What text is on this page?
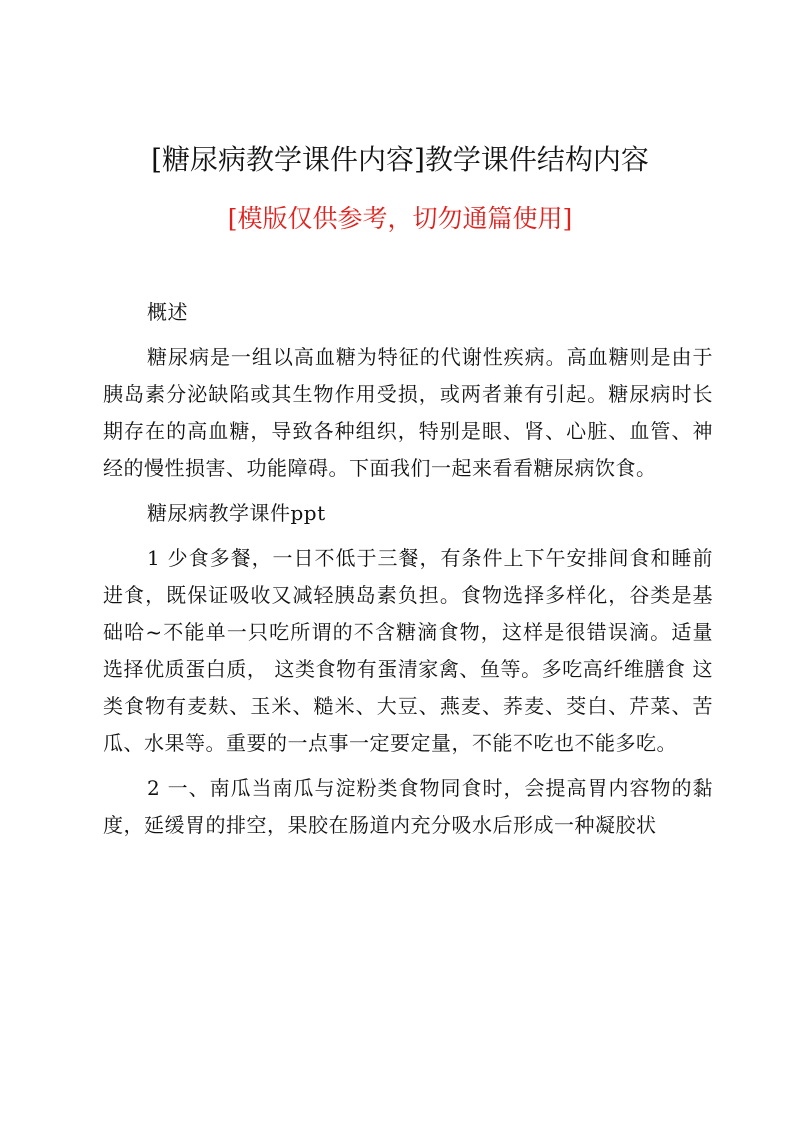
[糖尿病教学课件内容]教学课件结构内容
[模版仅供参考，切勿通篇使用]

概述

糖尿病是一组以高血糖为特征的代谢性疾病。高血糖则是由于胰岛素分泌缺陷或其生物作用受损，或两者兼有引起。糖尿病时长期存在的高血糖，导致各种组织，特别是眼、肾、心脏、血管、神经的慢性损害、功能障碍。下面我们一起来看看糖尿病饮食。

糖尿病教学课件ppt

1 少食多餐，一日不低于三餐，有条件上下午安排间食和睡前进食，既保证吸收又减轻胰岛素负担。食物选择多样化，谷类是基础哈~不能单一只吃所谓的不含糖滴食物，这样是很错误滴。适量选择优质蛋白质， 这类食物有蛋清家禽、鱼等。多吃高纤维膳食 这类食物有麦麸、玉米、糙米、大豆、燕麦、荞麦、茭白、芹菜、苦瓜、水果等。重要的一点事一定要定量，不能不吃也不能多吃。

2 一、南瓜当南瓜与淀粉类食物同食时，会提高胃内容物的黏度，延缓胃的排空，果胶在肠道内充分吸水后形成一种凝胶状
